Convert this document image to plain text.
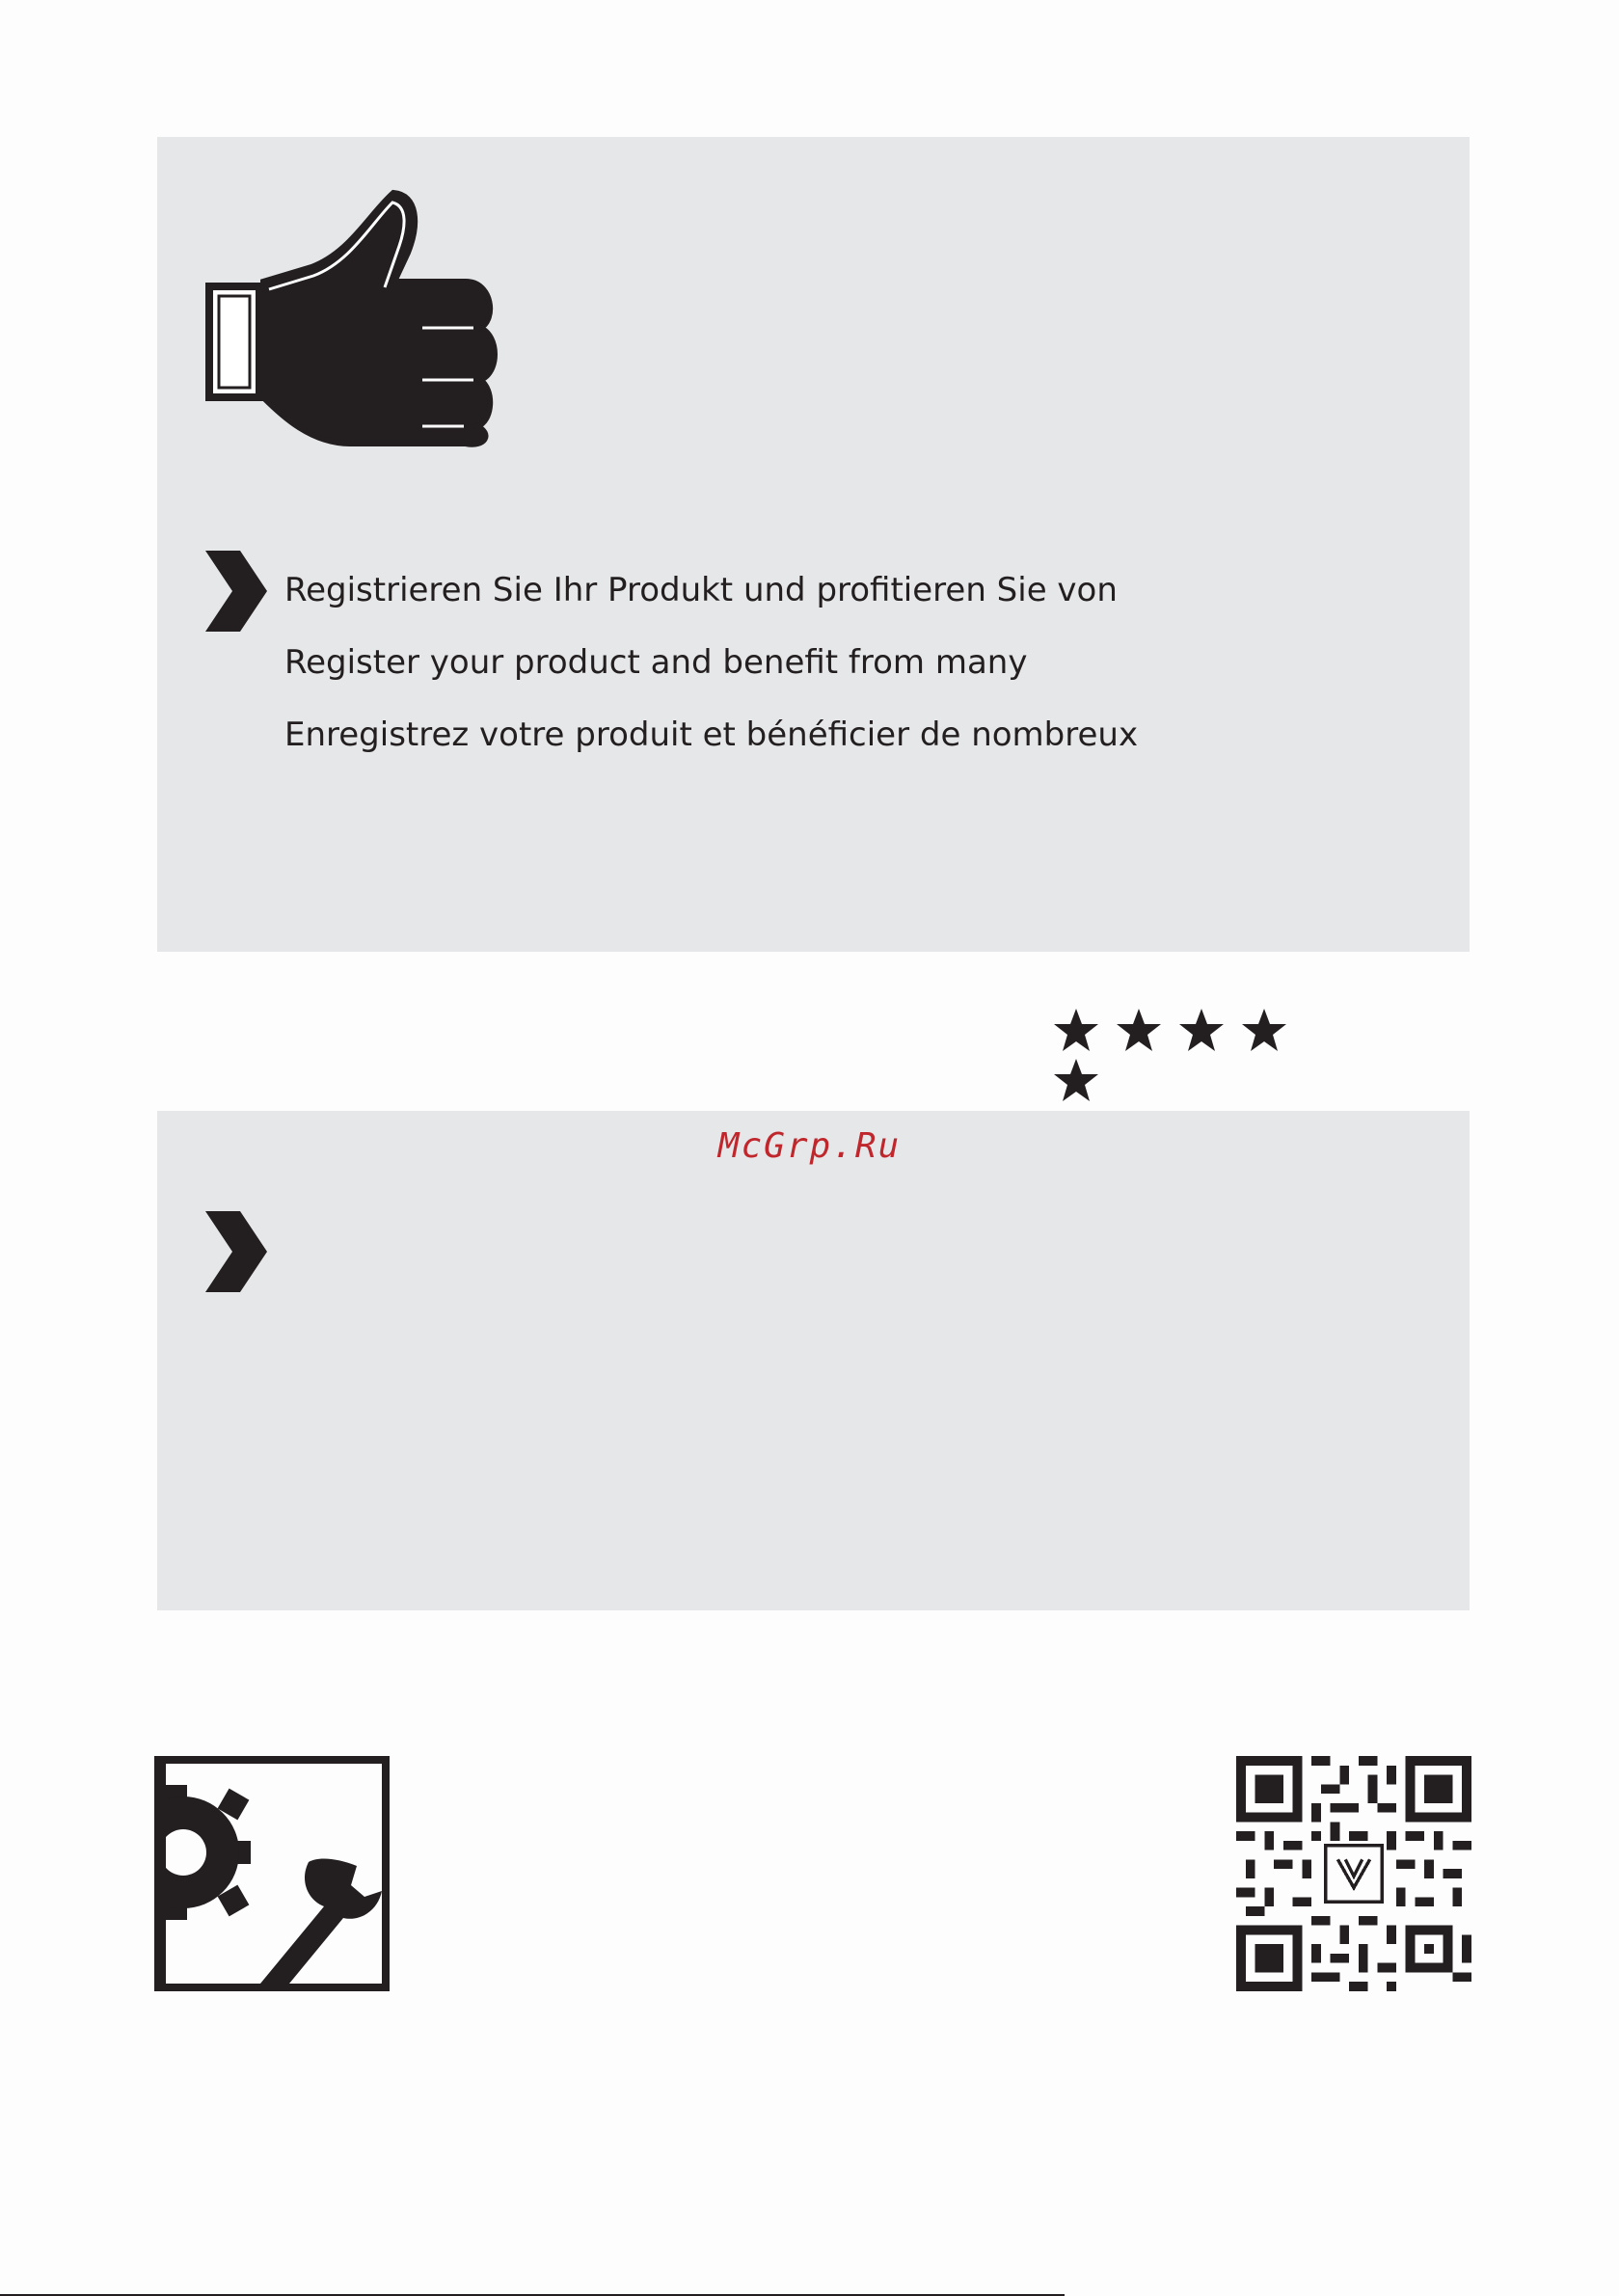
Registrieren Sie Ihr Produkt und profitieren Sie von
Register your product and benefit from many
Enregistrez votre produit et bénéficier de nombreux
McGrp.Ru
